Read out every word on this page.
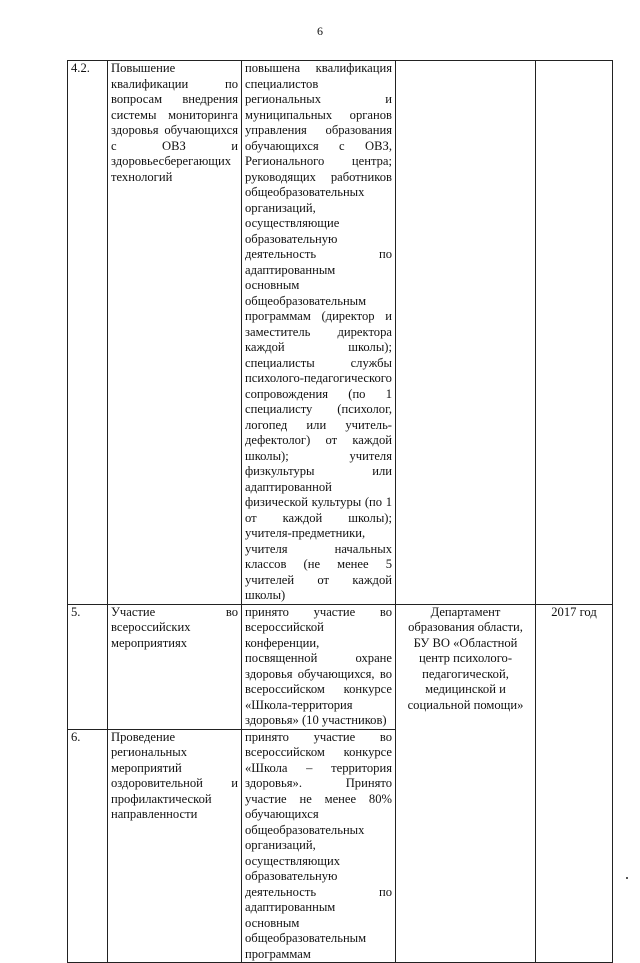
6
4.2.	Повышение квалификации по вопросам внедрения системы мониторинга здоровья обучающихся с ОВЗ и здоровьесберегающих технологий	повышена квалификация специалистов региональных и муниципальных органов управления образования обучающихся с ОВЗ, Регионального центра; руководящих работников общеобразовательных организаций, осуществляющие образовательную деятельность по адаптированным основным общеобразовательным программам (директор и заместитель директора каждой школы); специалисты службы психолого-педагогического сопровождения (по 1 специалисту (психолог, логопед или учитель-дефектолог) от каждой школы); учителя физкультуры или адаптированной физической культуры (по 1 от каждой школы); учителя-предметники, учителя начальных классов (не менее 5 учителей от каждой школы)		
5.	Участие во всероссийских мероприятиях	принято участие во всероссийской конференции, посвященной охране здоровья обучающихся, во всероссийском конкурсе «Школа-территория здоровья» (10 участников)	Департамент образования области, БУ ВО «Областной центр психолого-педагогической, медицинской и социальной помощи»	2017 год
6.	Проведение региональных мероприятий оздоровительной и профилактической направленности	принято участие во всероссийском конкурсе «Школа – территория здоровья». Принято участие не менее 80% обучающихся общеобразовательных организаций, осуществляющих образовательную деятельность по адаптированным основным общеобразовательным программам		
